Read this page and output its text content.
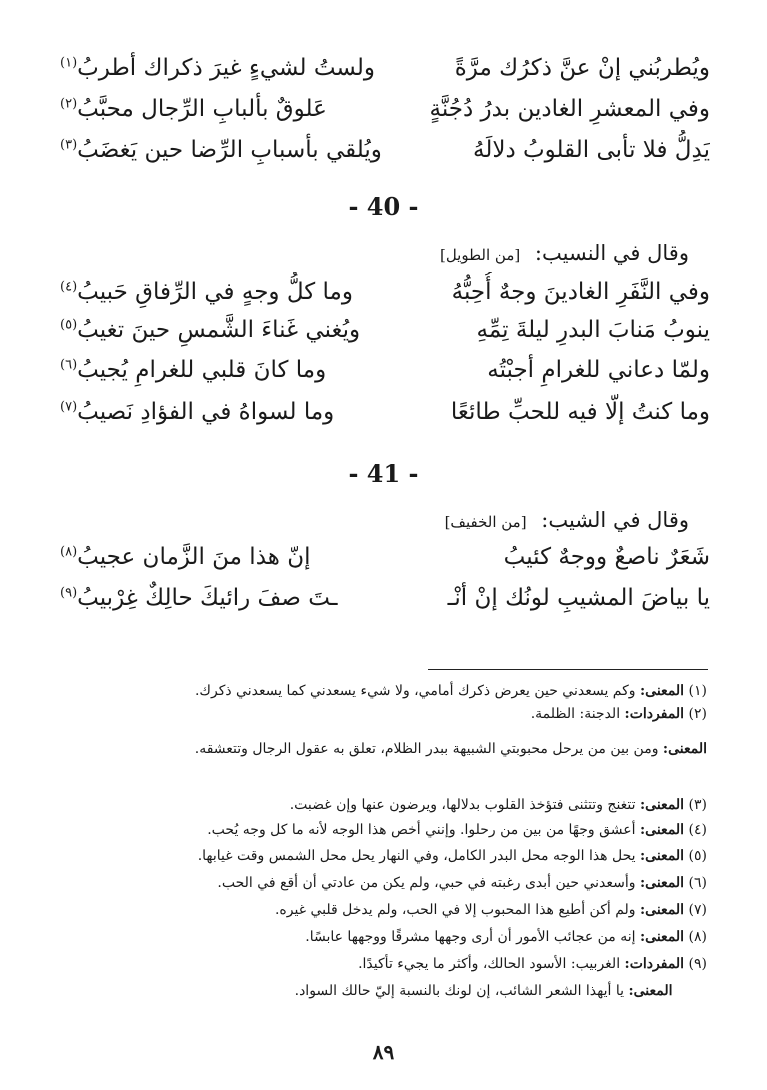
ويُطربُني إنْ عنَّ ذكرُك مرَّةً
ولستُ لشيءٍ غيرَ ذكراك أطربُ$^{(١)}$
وفي المعشرِ الغادين بدرُ دُجُنَّةٍ
عَلوقٌ بألبابِ الرِّجال محبَّبُ$^{(٢)}$
يَدِلُّ فلا تأبى القلوبُ دلالَهُ
ويُلقي بأسبابِ الرِّضا حين يَغضَبُ$^{(٣)}$
- 40 -
وقال في النسيب: [من الطويل]
وفي النَّفَرِ الغادينَ وجهٌ أُحِبُّهُ
وما كلُّ وجهٍ في الرِّفاقِ حَبيبُ$^{(٤)}$
ينوبُ مَنابَ البدرِ ليلةَ تِمِّهِ
ويُغني غَناءَ الشَّمسِ حينَ تغيبُ$^{(٥)}$
ولمّا دعاني للغرامِ أجبْتُه
وما كانَ قلبي للغرامِ يُجيبُ$^{(٦)}$
وما كنتُ إلّا فيه للحبِّ طائعًا
وما لسواهُ في الفؤادِ نَصيبُ$^{(٧)}$
- 41 -
وقال في الشيب: [من الخفيف]
شَعَرٌ ناصعٌ ووجهٌ كئيبُ
إنّ هذا منَ الزَّمان عجيبُ$^{(٨)}$
يا بياضَ المشيبِ لونُك إنْ أنْـ
ـتَ صفَ رائيكَ حالِكٌ غِرْبيبُ$^{(٩)}$
(١) المعنى: وكم يسعدني حين يعرض ذكرك أمامي، ولا شيء يسعدني كما يسعدني ذكرك.
(٢) المفردات: الدجنة: الظلمة.
المعنى: ومن بين من يرحل محبوبتي الشبيهة ببدر الظلام، تعلق به عقول الرجال وتتعشقه.
(٣) المعنى: تتغنج وتتثنى فتؤخذ القلوب بدلالها، ويرضون عنها وإن غضبت.
(٤) المعنى: أعشق وجهًا من بين من رحلوا. وإنني أخص هذا الوجه لأنه ما كل وجه يُحب.
(٥) المعنى: يحل هذا الوجه محل البدر الكامل، وفي النهار يحل محل الشمس وقت غيابها.
(٦) المعنى: وأسعدني حين أبدى رغبته في حبي، ولم يكن من عادتي أن أقع في الحب.
(٧) المعنى: ولم أكن أطيع هذا المحبوب إلا في الحب، ولم يدخل قلبي غيره.
(٨) المعنى: إنه من عجائب الأمور أن أرى وجهها مشرقًا ووجهها عابسًا.
(٩) المفردات: الغربيب: الأسود الحالك، وأكثر ما يجيء تأكيدًا.
المعنى: يا أيهذا الشعر الشائب، إن لونك بالنسبة إليّ حالك السواد.
٨٩
